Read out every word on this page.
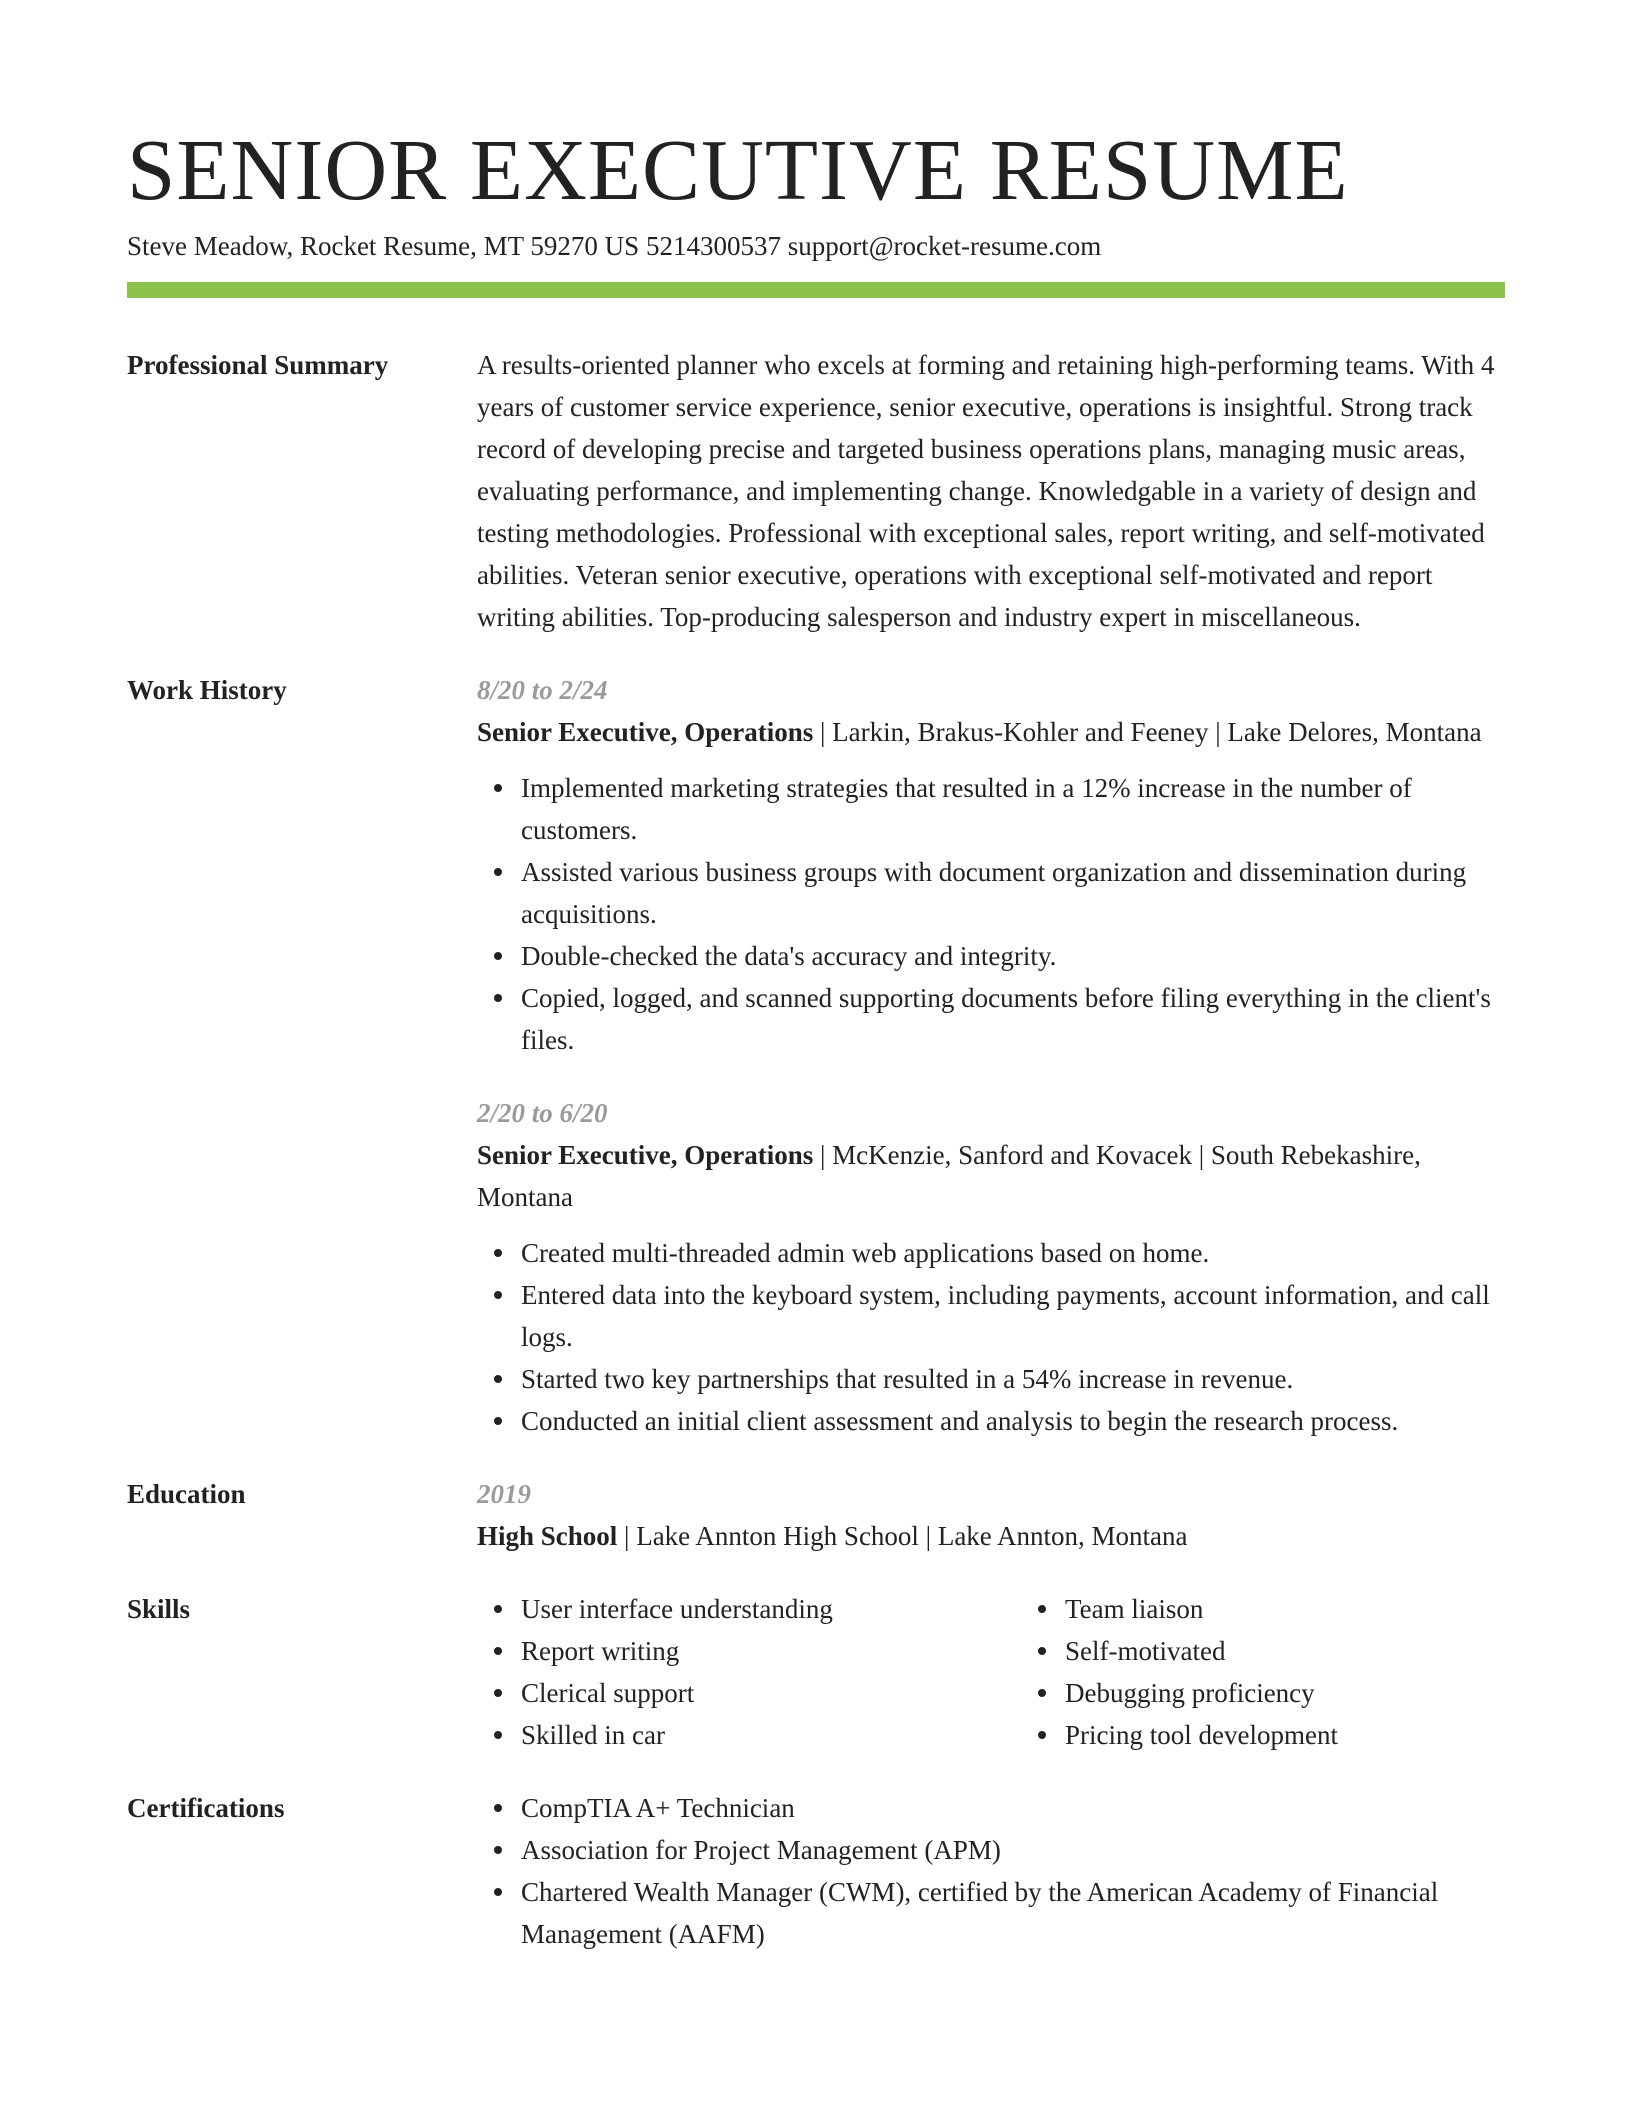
SENIOR EXECUTIVE RESUME
Steve Meadow, Rocket Resume, MT 59270 US 5214300537 support@rocket-resume.com
Professional Summary	A results-oriented planner who excels at forming and retaining high-performing teams. With 4 years of customer service experience, senior executive, operations is insightful. Strong track record of developing precise and targeted business operations plans, managing music areas, evaluating performance, and implementing change. Knowledgable in a variety of design and testing methodologies. Professional with exceptional sales, report writing, and self-motivated abilities. Veteran senior executive, operations with exceptional self-motivated and report writing abilities. Top-producing salesperson and industry expert in miscellaneous.
Work History	8/20 to 2/24
Senior Executive, Operations | Larkin, Brakus-Kohler and Feeney | Lake Delores, Montana
Implemented marketing strategies that resulted in a 12% increase in the number of customers.
Assisted various business groups with document organization and dissemination during acquisitions.
Double-checked the data's accuracy and integrity.
Copied, logged, and scanned supporting documents before filing everything in the client's files.
2/20 to 6/20
Senior Executive, Operations | McKenzie, Sanford and Kovacek | South Rebekashire, Montana
Created multi-threaded admin web applications based on home.
Entered data into the keyboard system, including payments, account information, and call logs.
Started two key partnerships that resulted in a 54% increase in revenue.
Conducted an initial client assessment and analysis to begin the research process.
Education	2019
High School | Lake Annton High School | Lake Annton, Montana
Skills	User interface understanding
Report writing
Clerical support
Skilled in car
Team liaison
Self-motivated
Debugging proficiency
Pricing tool development
Certifications	CompTIA A+ Technician
Association for Project Management (APM)
Chartered Wealth Manager (CWM), certified by the American Academy of Financial Management (AAFM)
